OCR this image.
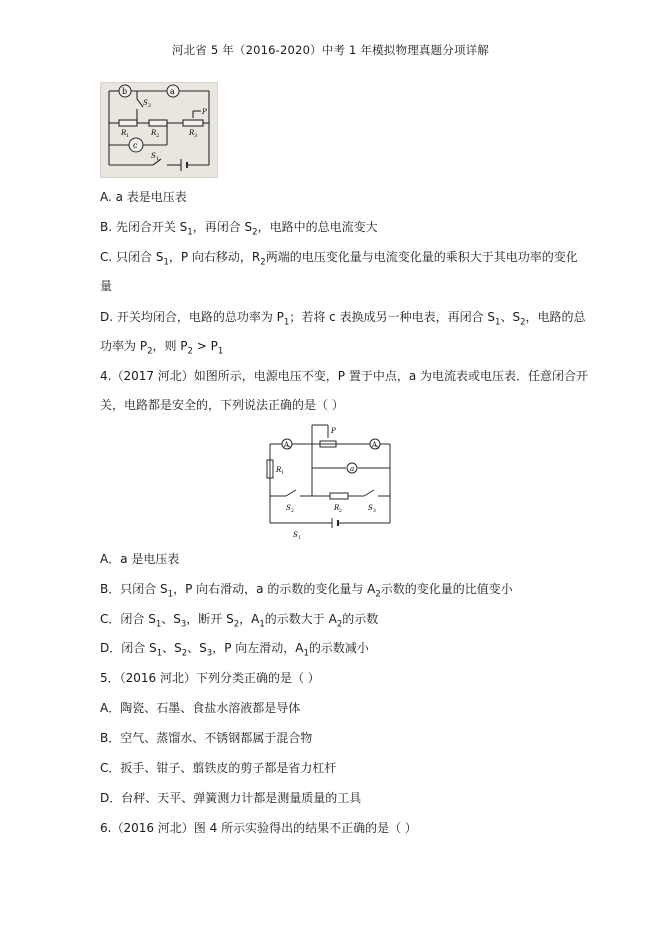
河北省 5 年（2016-2020）中考 1 年模拟物理真题分项详解
b	a
c
S 2
P
R 1	R 2	R 3
S 1
A. a 表是电压表
B. 先闭合开关 $S_1$，再闭合 $S_2$，电路中的总电流变大
C. 只闭合 $S_1$，P 向右移动，$R_2$两端的电压变化量与电流变化量的乘积大于其电功率的变化
量
D. 开关均闭合，电路的总功率为 $P_1$；若将 c 表换成另一种电表，再闭合 $S_1$、$S_2$，电路的总
功率为 $P_2$，则 $P_2 > P_1$
4.（2017 河北）如图所示，电源电压不变，P 置于中点，a 为电流表或电压表．任意闭合开
关，电路都是安全的，下列说法正确的是（ ）
A
1	A
2
a
P
R 1
S 2	R 2	S 3
S 1
A．a 是电压表
B．只闭合 $S_1$，P 向右滑动，a 的示数的变化量与 $A_2$示数的变化量的比值变小
C．闭合 $S_1$、$S_3$，断开 $S_2$，$A_1$的示数大于 $A_2$的示数
D．闭合 $S_1$、$S_2$、$S_3$，P 向左滑动，$A_1$的示数减小
5．（2016 河北）下列分类正确的是（ ）
A．陶瓷、石墨、食盐水溶液都是导体
B．空气、蒸馏水、不锈钢都属于混合物
C．扳手、钳子、翦铁皮的剪子都是省力杠杆
D．台秤、天平、弹簧测力计都是测量质量的工具
6.（2016 河北）图 4 所示实验得出的结果不正确的是（ ）
